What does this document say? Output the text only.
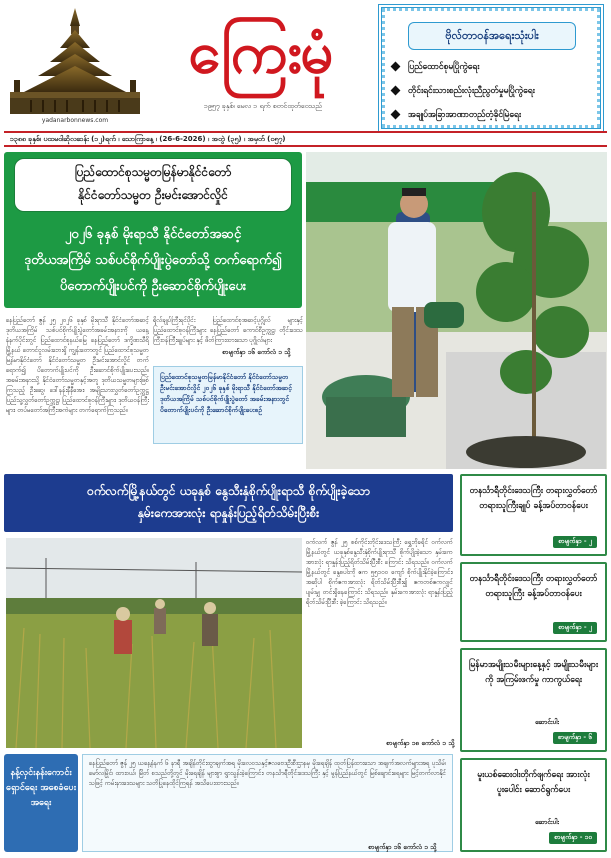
yadanarbonnews.com
ကြေးမုံ
၁၉၅၇ ခုနှစ်၊ မေလ ၁ ရက် စတင်ထုတ်ဝေသည်
ဗိုလ်တာဝန်အရေးသုံးပါး
ပြည်ထောင်စုမပြိုကွဲရေး
တိုင်းရင်းသားစည်းလုံးညီညွတ်မှုမပြိုကွဲရေး
အချုပ်အခြာအာဏာတည်တံ့ခိုင်မြဲရေး
၁၃၈၈ ခုနှစ်၊ ပထမဝါဆိုလဆန်း (၁၂)ရက် ၊ သောကြာနေ့ ၊ (26-6-2026) ၊ အတွဲ (၃၅) ၊ အမှတ် (၀၅၇)
ပြည်ထောင်စုသမ္မတမြန်မာနိုင်ငံတော်
နိုင်ငံတော်သမ္မတ ဦးမင်းအောင်လှိုင်
၂၀၂၆ ခုနှစ် မိုးရာသီ နိုင်ငံတော်အဆင့်
ဒုတိယအကြိမ် သစ်ပင်စိုက်ပျိုးပွဲတော်သို့ တက်ရောက်၍
ပိတောက်ပျိုးပင်ကို ဦးဆောင်စိုက်ပျိုးပေး
နေပြည်တော် ဇွန် ၂၅ ၂၀၂၆ ခုနှစ် မိုးရာသီ နိုင်ငံတော်အဆင့် ဒုတိယအကြိမ် သစ်ပင်စိုက်ပျိုးပွဲတော်အခမ်းအနားကို ယနေ့ နံနက်ပိုင်းတွင် ပြည်ထောင်စုနယ်မြေ နေပြည်တော် ဒက္ခိဏသီရိမြို့နယ် တောင်ငူလမ်းဘေးရှိ ကျွန်းတောတွင် ပြည်ထောင်စုသမ္မတမြန်မာနိုင်ငံတော် နိုင်ငံတော်သမ္မတ ဦးမင်းအောင်လှိုင် တက်ရောက်၍ ပိတောက်ပျိုးပင်ကို ဦးဆောင်စိုက်ပျိုးပေးသည်။ အခမ်းအနားသို့ နိုင်ငံတော်သမ္မတနှင့်အတူ ဒုတိယသမ္မတများဖြစ်ကြသည့် ဦးဆွေ၊ ဒေါ်နန်းနီနီအေး၊ အမျိုးသားလွှတ်တော်ဥက္ကဋ္ဌ ပြည်သူ့လွှတ်တော်ဥက္ကဋ္ဌ၊ ပြည်ထောင်စုဝန်ကြီးများ၊ ဒုတိယဝန်ကြီးများ၊ တပ်မတော်အကြီးအကဲများ တက်ရောက်ကြသည်။
ရိုလ်ချုပ်ကြီးရင်ပိုင်း ပြည်ထောင်စုအဆင့်ပုဂ္ဂိုလ် များနှင့် ပြည်ထောင်စုဝန်ကြီးများ နေပြည်တော် ကောင်စီဥက္ကဋ္ဌ၊ တိုင်းဒေသကြီးဝန်ကြီးချုပ်များ နှင့် ဖိတ်ကြားထားသော ပုဂ္ဂိုလ်များ
စာမျက်နှာ ၁၆ ကော်လံ ၁ သို့
ပြည်ထောင်စုသမ္မတမြန်မာနိုင်ငံတော် နိုင်ငံတော်သမ္မတ ဦးမင်းအောင်လှိုင် ၂၀၂၆ ခုနှစ် မိုးရာသီ နိုင်ငံတော်အဆင့် ဒုတိယအကြိမ် သစ်ပင်စိုက်ပျိုးပွဲတော် အခမ်းအနားတွင် ပိတောက်ပျိုးပင်ကို ဦးဆောင်စိုက်ပျိုးပေးစဉ်
ဝက်လက်မြို့နယ်တွင် ယခုနှစ် နွေသီးနှံစိုက်ပျိုးရာသီ စိုက်ပျိုးခဲ့သော
နှမ်းကေအားလုံး ရာနှုန်းပြည့်ရိတ်သိမ်းပြီးစီး
ဝက်လက် ဇွန် ၂၅ စစ်ကိုင်းတိုင်းဒေသကြီး ရွှေဘိုခရိုင် ဝက်လက်မြို့နယ်တွင် ယခုနှစ်နွေသီးနှံစိုက်ပျိုးရာသီ စိုက်ပျိုးခဲ့သော နှမ်းကေအားလုံး ရာနှုန်းပြည့်ရိတ်သိမ်းပြီးစီး ကြောင်း သိရသည်။ ဝက်လက်မြို့နယ်တွင် နွေစပါးကို ဧက ၅၅၁၀၀ ကျော် စိုက်ပျိုးနိုင်ခဲ့ကြောင်း၊ အဆိုပါ စိုက်ဧကအားလုံး ရိတ်သိမ်းပြီးစီး၍ ဧကတစ်ဧကလျှင် ပျမ်းမျှ တင်းရှိနေကြောင်း သိရသည်။ နှမ်းကေအားလုံး ရာနှုန်းပြည့် ရိတ်သိမ်းပြီးစီး ခဲ့ကြောင်း သိရသည်။
စာမျက်နှာ ၁၈ ကော်လံ ၁ သို့
နန့်လှင်းနန်းကောင်း ရှောင်ရေး အစေခံပေးအရေး
နေပြည်တော် ဇွန် ၂၅ ယနေ့နံနက် ၆ နာရီ အချိန်တိုင်းထွာချက်အရ မိုးလေဝသနှင့်ဇလဗေဒဦးစီးဌာနမှ မိုးရေချိန် ထုတ်ပြန်ထားသော အချက်အလက်များအရ ပုသိမ်၊ မော်လမြိုင်၊ ထားဝယ်၊ မြိတ် စသည်တို့တွင် မိုးရေချိန် များစွာ ရွာသွန်းခဲ့ကြောင်း၊ တနင်္သာရီတိုင်းဒေသကြီး နှင့် မွန်ပြည်နယ်တွင် မြစ်ချောင်းရေများ မြင့်တက်လာနိုင်သဖြင့် ကမ်းနားဒေသများ သတိပြုနေထိုင်ကြရန် အသိပေးထားသည်။
စာမျက်နှာ ၁၆ ကော်လံ ၁ သို့
တနင်္သာရီတိုင်းဒေသကြီး တရားလွှတ်တော် တရားသူကြီးချုပ် ခန့်အပ်တာဝန်ပေး
စာမျက်နှာ - ၂
တနင်္သာရီတိုင်းဒေသကြီး တရားလွှတ်တော် တရားသူကြီး ခန့်အပ်တာဝန်ပေး
စာမျက်နှာ - ၂
မြန်မာအမျိုးသမီးများနေ့နှင့် အမျိုးသမီးများကို အကြမ်းဖက်မှု ကာကွယ်ရေး
ဆောင်းပါး
စာမျက်နှာ - ၆
မူးယစ်ဆေးဝါးတိုက်ဖျက်ရေး အားလုံးပူးပေါင်း ဆောင်ရွက်ပေး
ဆောင်းပါး
စာမျက်နှာ - ၁၀
